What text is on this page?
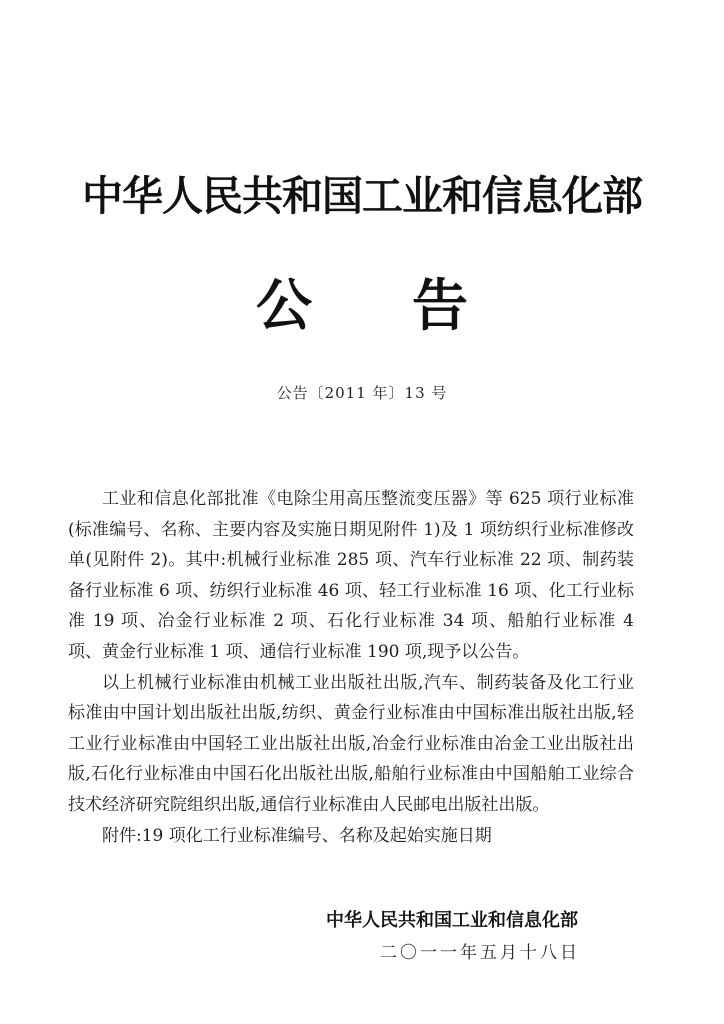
中华人民共和国工业和信息化部
公告
公告〔2011 年〕13 号

工业和信息化部批准《电除尘用高压整流变压器》等 625 项行业标准(标准编号、名称、主要内容及实施日期见附件 1)及 1 项纺织行业标准修改单(见附件 2)。其中:机械行业标准 285 项、汽车行业标准 22 项、制药装备行业标准 6 项、纺织行业标准 46 项、轻工行业标准 16 项、化工行业标准 19 项、冶金行业标准 2 项、石化行业标准 34 项、船舶行业标准 4 项、黄金行业标准 1 项、通信行业标准 190 项,现予以公告。

以上机械行业标准由机械工业出版社出版,汽车、制药装备及化工行业标准由中国计划出版社出版,纺织、黄金行业标准由中国标准出版社出版,轻工业行业标准由中国轻工业出版社出版,冶金行业标准由冶金工业出版社出版,石化行业标准由中国石化出版社出版,船舶行业标准由中国船舶工业综合技术经济研究院组织出版,通信行业标准由人民邮电出版社出版。

附件:19 项化工行业标准编号、名称及起始实施日期

中华人民共和国工业和信息化部
二〇一一年五月十八日
